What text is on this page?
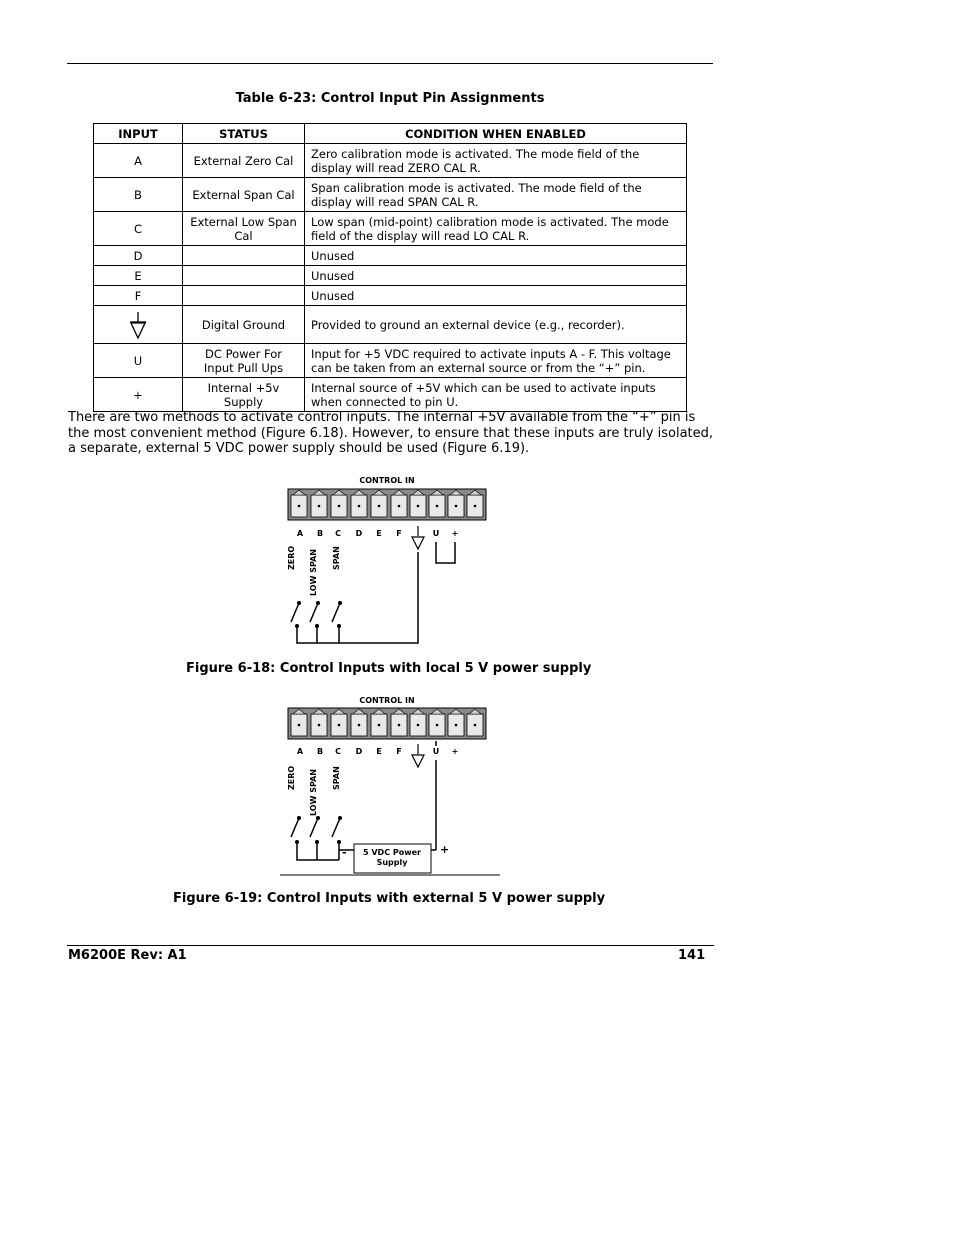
Table 6-23: Control Input Pin Assignments
INPUT	STATUS	CONDITION WHEN ENABLED
A	External Zero Cal	Zero calibration mode is activated. The mode field of the display will read ZERO CAL R.
B	External Span Cal	Span calibration mode is activated. The mode field of the display will read SPAN CAL R.
C	External Low Span Cal	Low span (mid-point) calibration mode is activated. The mode field of the display will read LO CAL R.
D		Unused
E		Unused
F		Unused

	Digital Ground	Provided to ground an external device (e.g., recorder).
U	DC Power For Input Pull Ups	Input for +5 VDC required to activate inputs A - F. This voltage can be taken from an external source or from the “+” pin.
+	Internal +5v Supply	Internal source of +5V which can be used to activate inputs when connected to pin U.
There are two methods to activate control inputs. The internal +5V available from the “+” pin is the most convenient method (Figure 6.18). However, to ensure that these inputs are truly isolated, a separate, external 5 VDC power supply should be used (Figure 6.19).
CONTROL IN
A B C D E F	U +
ZERO LOW SPAN SPAN
Figure 6-18: Control Inputs with local 5 V power supply
CONTROL IN
A B C D E F	U +
ZERO LOW SPAN SPAN
5 VDC Power
Supply
-	+
Figure 6-19: Control Inputs with external 5 V power supply
M6200E Rev: A1	141
